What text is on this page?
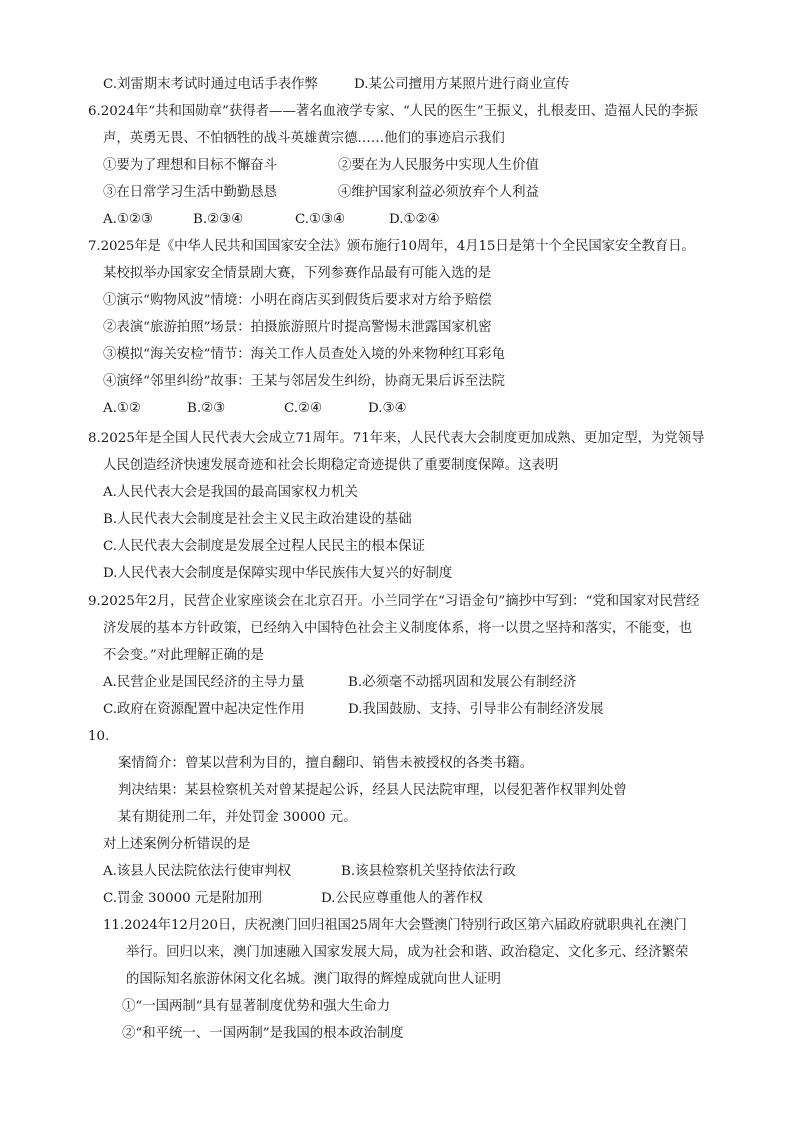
C.刘雷期末考试时通过电话手表作弊	D.某公司擅用方某照片进行商业宣传
6.2024年“共和国勋章”获得者——著名血液学专家、“人民的医生”王振义，扎根麦田、造福人民的李振
声，英勇无畏、不怕牺牲的战斗英雄黄宗德……他们的事迹启示我们
①要为了理想和目标不懈奋斗	②要在为人民服务中实现人生价值
③在日常学习生活中勤勤恳恳	④维护国家利益必须放弃个人利益
A.①②③	B.②③④	C.①③④	D.①②④
7.2025年是《中华人民共和国国家安全法》颁布施行10周年，4月15日是第十个全民国家安全教育日。
某校拟举办国家安全情景剧大赛，下列参赛作品最有可能入选的是
①演示“购物风波”情境：小明在商店买到假货后要求对方给予赔偿
②表演“旅游拍照”场景：拍摄旅游照片时提高警惕未泄露国家机密
③模拟“海关安检”情节：海关工作人员查处入境的外来物种红耳彩龟
④演绎“邻里纠纷”故事：王某与邻居发生纠纷，协商无果后诉至法院
A.①②	B.②③	C.②④	D.③④
8.2025年是全国人民代表大会成立71周年。71年来，人民代表大会制度更加成熟、更加定型，为党领导
人民创造经济快速发展奇迹和社会长期稳定奇迹提供了重要制度保障。这表明
A.人民代表大会是我国的最高国家权力机关
B.人民代表大会制度是社会主义民主政治建设的基础
C.人民代表大会制度是发展全过程人民民主的根本保证
D.人民代表大会制度是保障实现中华民族伟大复兴的好制度
9.2025年2月，民营企业家座谈会在北京召开。小兰同学在“习语金句”摘抄中写到：“党和国家对民营经
济发展的基本方针政策，已经纳入中国特色社会主义制度体系，将一以贯之坚持和落实，不能变，也
不会变。”对此理解正确的是
A.民营企业是国民经济的主导力量	B.必须毫不动摇巩固和发展公有制经济
C.政府在资源配置中起决定性作用	D.我国鼓励、支持、引导非公有制经济发展
10.
案情简介：曾某以营利为目的，擅自翻印、销售未被授权的各类书籍。
判决结果：某县检察机关对曾某提起公诉，经县人民法院审理，以侵犯著作权罪判处曾
某有期徒刑二年，并处罚金 30000 元。
对上述案例分析错误的是
A.该县人民法院依法行使审判权	B.该县检察机关坚持依法行政
C.罚金 30000 元是附加刑	D.公民应尊重他人的著作权
11.2024年12月20日，庆祝澳门回归祖国25周年大会暨澳门特别行政区第六届政府就职典礼在澳门
举行。回归以来，澳门加速融入国家发展大局，成为社会和谐、政治稳定、文化多元、经济繁荣
的国际知名旅游休闲文化名城。澳门取得的辉煌成就向世人证明
①“一国两制”具有显著制度优势和强大生命力
②“和平统一、一国两制”是我国的根本政治制度
